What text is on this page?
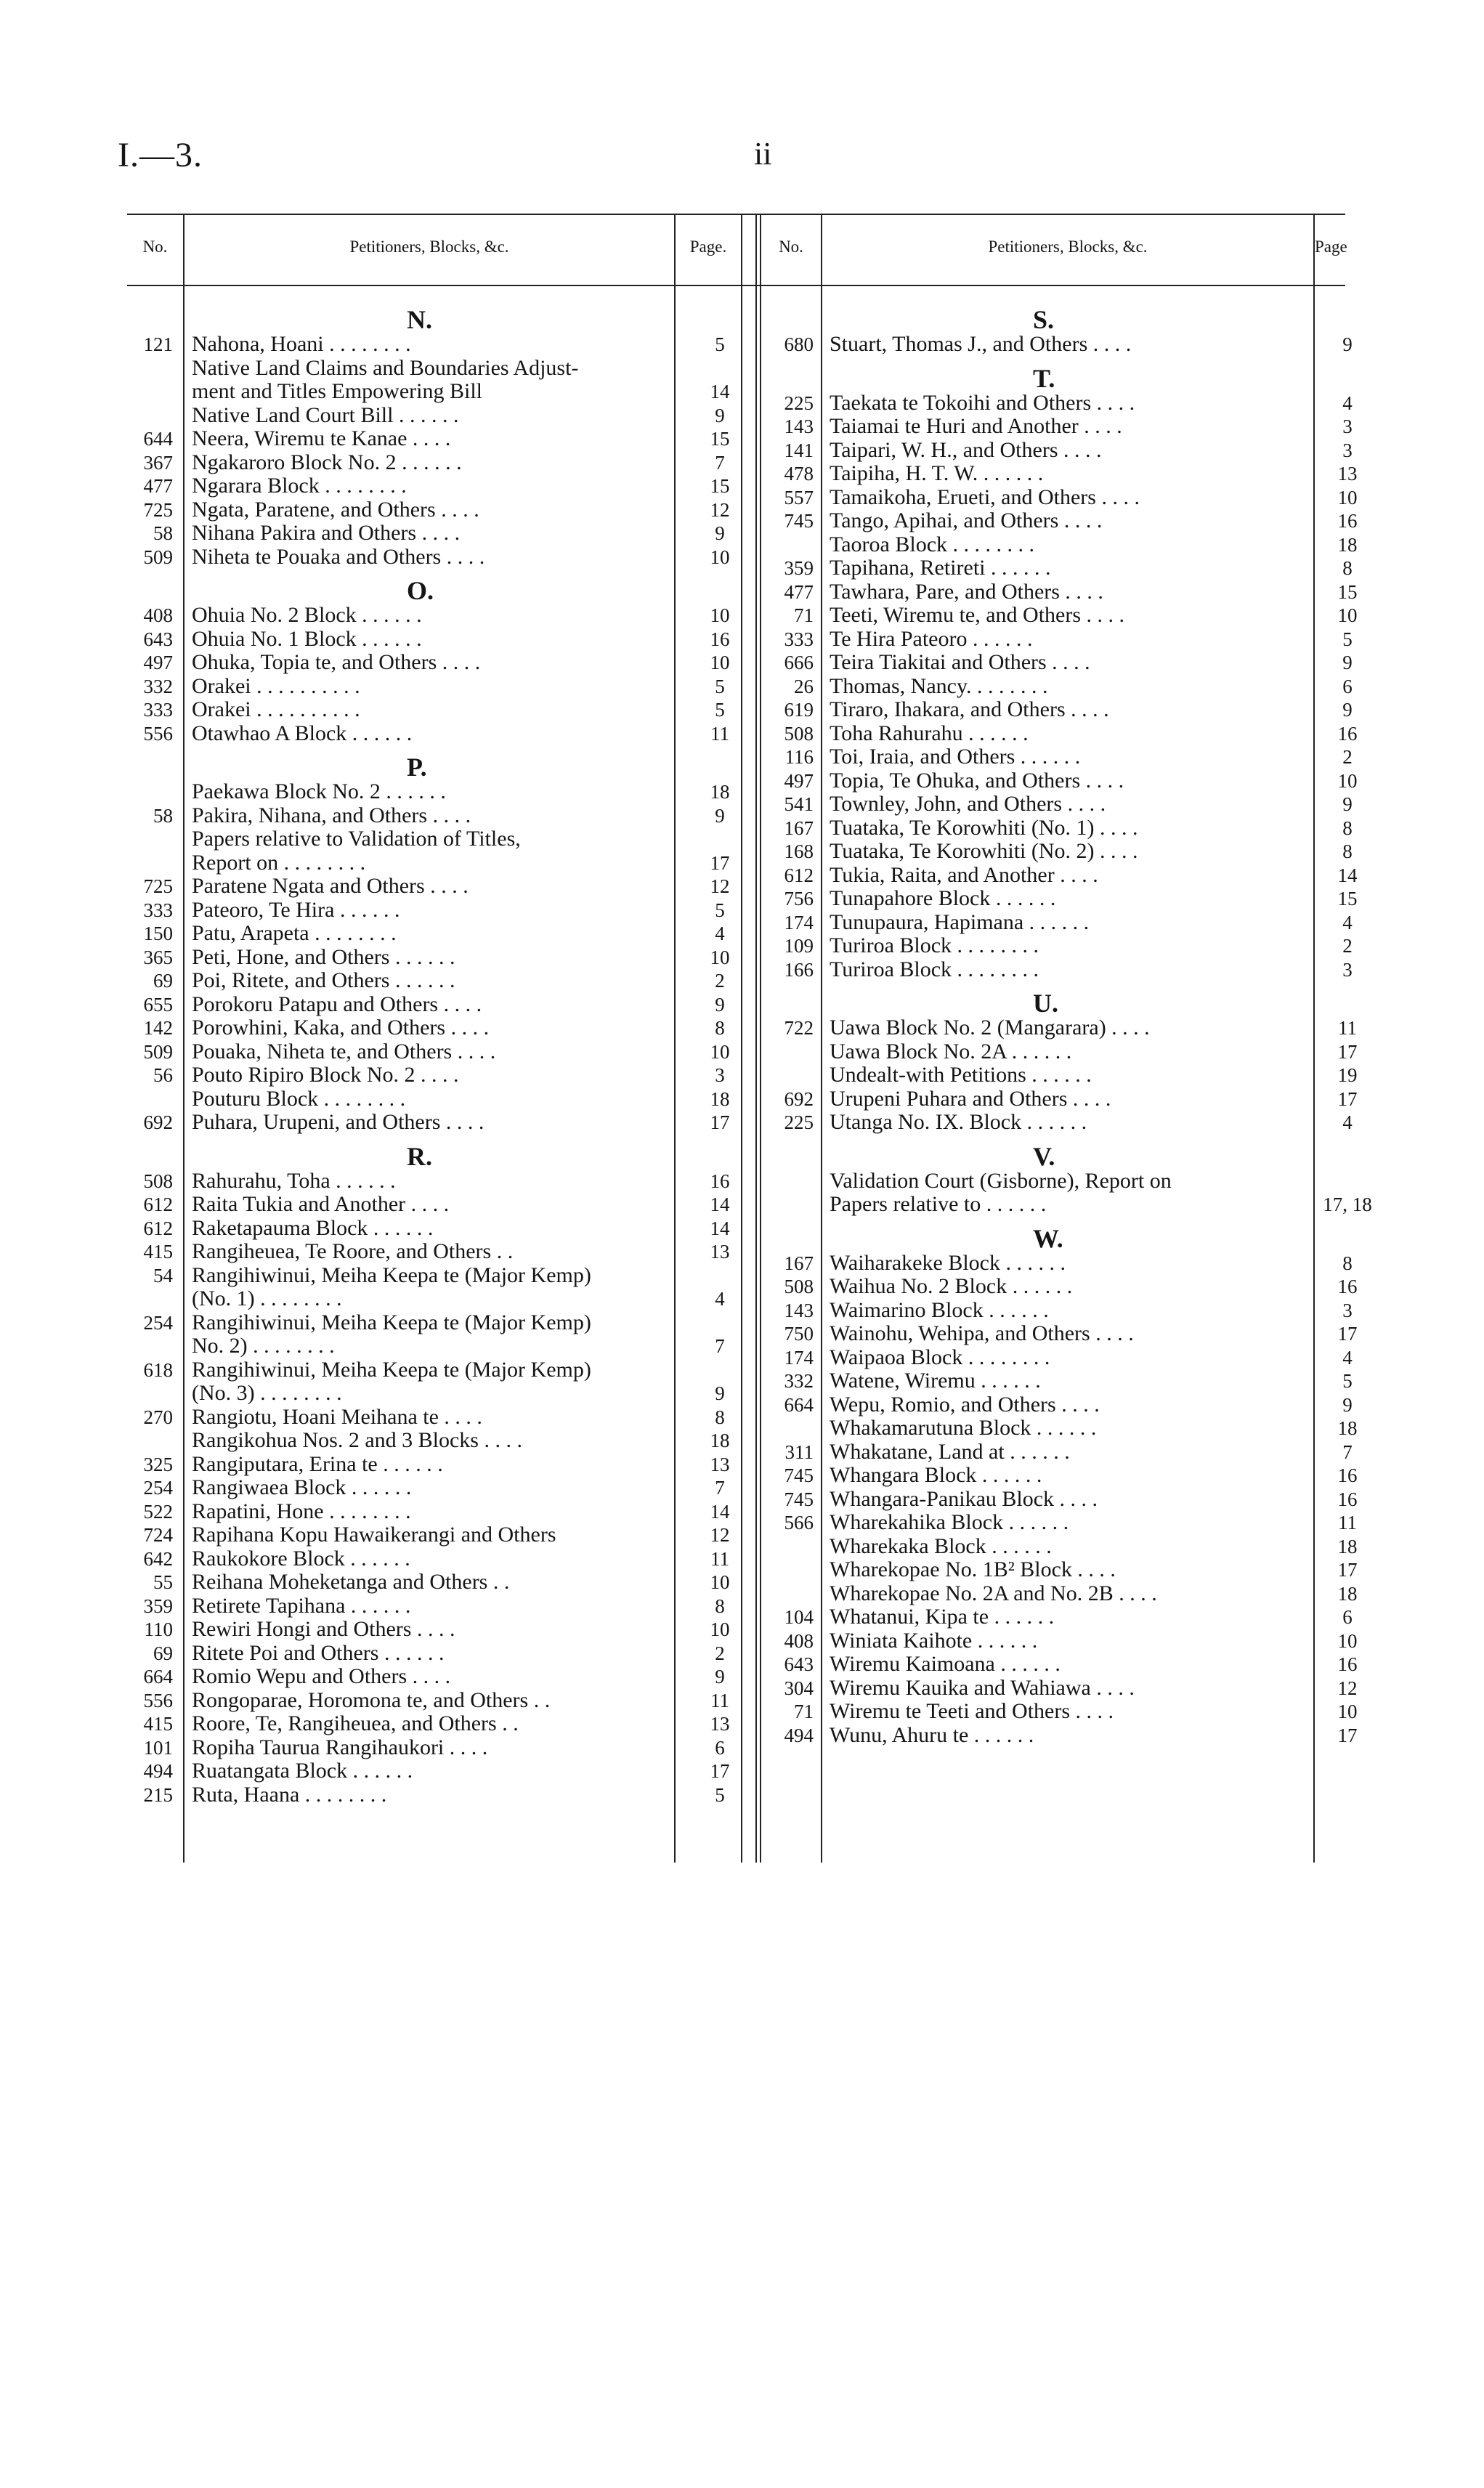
I.—3.	ii
No.	Petitioners, Blocks, &c.	Page.	No.	Petitioners, Blocks, &c.	Page
N.
121 Nahona, Hoani . . . . . . . .	5
Native Land Claims and Boundaries Adjust-
ment and Titles Empowering Bill	14
Native Land Court Bill . . . . . .	9
644 Neera, Wiremu te Kanae . . . .	15
367 Ngakaroro Block No. 2 . . . . . .	7
477 Ngarara Block . . . . . . . .	15
725 Ngata, Paratene, and Others . . . .	12
58 Nihana Pakira and Others . . . .	9
509 Niheta te Pouaka and Others . . . .	10
O.
408 Ohuia No. 2 Block . . . . . .	10
643 Ohuia No. 1 Block . . . . . .	16
497 Ohuka, Topia te, and Others . . . .	10
332 Orakei . . . . . . . . . .	5
333 Orakei . . . . . . . . . .	5
556 Otawhao A Block . . . . . .	11
P.
Paekawa Block No. 2 . . . . . .	18
58 Pakira, Nihana, and Others . . . .	9
Papers relative to Validation of Titles,
Report on . . . . . . . .	17
725 Paratene Ngata and Others . . . .	12
333 Pateoro, Te Hira . . . . . .	5
150 Patu, Arapeta . . . . . . . .	4
365 Peti, Hone, and Others . . . . . .	10
69 Poi, Ritete, and Others . . . . . .	2
655 Porokoru Patapu and Others . . . .	9
142 Porowhini, Kaka, and Others . . . .	8
509 Pouaka, Niheta te, and Others . . . .	10
56 Pouto Ripiro Block No. 2 . . . .	3
Pouturu Block . . . . . . . .	18
692 Puhara, Urupeni, and Others . . . .	17
R.
508 Rahurahu, Toha . . . . . .	16
612 Raita Tukia and Another . . . .	14
612 Raketapauma Block . . . . . .	14
415 Rangiheuea, Te Roore, and Others . .	13
54 Rangihiwinui, Meiha Keepa te (Major Kemp)
(No. 1) . . . . . . . .	4
254 Rangihiwinui, Meiha Keepa te (Major Kemp)
No. 2) . . . . . . . .	7
618 Rangihiwinui, Meiha Keepa te (Major Kemp)
(No. 3) . . . . . . . .	9
270 Rangiotu, Hoani Meihana te . . . .	8
Rangikohua Nos. 2 and 3 Blocks . . . .	18
325 Rangiputara, Erina te . . . . . .	13
254 Rangiwaea Block . . . . . .	7
522 Rapatini, Hone . . . . . . . .	14
724 Rapihana Kopu Hawaikerangi and Others	12
642 Raukokore Block . . . . . .	11
55 Reihana Moheketanga and Others . .	10
359 Retirete Tapihana . . . . . .	8
110 Rewiri Hongi and Others . . . .	10
69 Ritete Poi and Others . . . . . .	2
664 Romio Wepu and Others . . . .	9
556 Rongoparae, Horomona te, and Others . .	11
415 Roore, Te, Rangiheuea, and Others . .	13
101 Ropiha Taurua Rangihaukori . . . .	6
494 Ruatangata Block . . . . . .	17
215 Ruta, Haana . . . . . . . .	5
S.
680 Stuart, Thomas J., and Others . . . .	9
T.
225 Taekata te Tokoihi and Others . . . .	4
143 Taiamai te Huri and Another . . . .	3
141 Taipari, W. H., and Others . . . .	3
478 Taipiha, H. T. W. . . . . . .	13
557 Tamaikoha, Erueti, and Others . . . .	10
745 Tango, Apihai, and Others . . . .	16
Taoroa Block . . . . . . . .	18
359 Tapihana, Retireti . . . . . .	8
477 Tawhara, Pare, and Others . . . .	15
71 Teeti, Wiremu te, and Others . . . .	10
333 Te Hira Pateoro . . . . . .	5
666 Teira Tiakitai and Others . . . .	9
26 Thomas, Nancy. . . . . . . .	6
619 Tiraro, Ihakara, and Others . . . .	9
508 Toha Rahurahu . . . . . .	16
116 Toi, Iraia, and Others . . . . . .	2
497 Topia, Te Ohuka, and Others . . . .	10
541 Townley, John, and Others . . . .	9
167 Tuataka, Te Korowhiti (No. 1) . . . .	8
168 Tuataka, Te Korowhiti (No. 2) . . . .	8
612 Tukia, Raita, and Another . . . .	14
756 Tunapahore Block . . . . . .	15
174 Tunupaura, Hapimana . . . . . .	4
109 Turiroa Block . . . . . . . .	2
166 Turiroa Block . . . . . . . .	3
U.
722 Uawa Block No. 2 (Mangarara) . . . .	11
Uawa Block No. 2A . . . . . .	17
Undealt-with Petitions . . . . . .	19
692 Urupeni Puhara and Others . . . .	17
225 Utanga No. IX. Block . . . . . .	4
V.
Validation Court (Gisborne), Report on
Papers relative to . . . . . .	17, 18
W.
167 Waiharakeke Block . . . . . .	8
508 Waihua No. 2 Block . . . . . .	16
143 Waimarino Block . . . . . .	3
750 Wainohu, Wehipa, and Others . . . .	17
174 Waipaoa Block . . . . . . . .	4
332 Watene, Wiremu . . . . . .	5
664 Wepu, Romio, and Others . . . .	9
Whakamarutuna Block . . . . . .	18
311 Whakatane, Land at . . . . . .	7
745 Whangara Block . . . . . .	16
745 Whangara-Panikau Block . . . .	16
566 Wharekahika Block . . . . . .	11
Wharekaka Block . . . . . .	18
Wharekopae No. 1B² Block . . . .	17
Wharekopae No. 2A and No. 2B . . . .	18
104 Whatanui, Kipa te . . . . . .	6
408 Winiata Kaihote . . . . . .	10
643 Wiremu Kaimoana . . . . . .	16
304 Wiremu Kauika and Wahiawa . . . .	12
71 Wiremu te Teeti and Others . . . .	10
494 Wunu, Ahuru te . . . . . .	17
